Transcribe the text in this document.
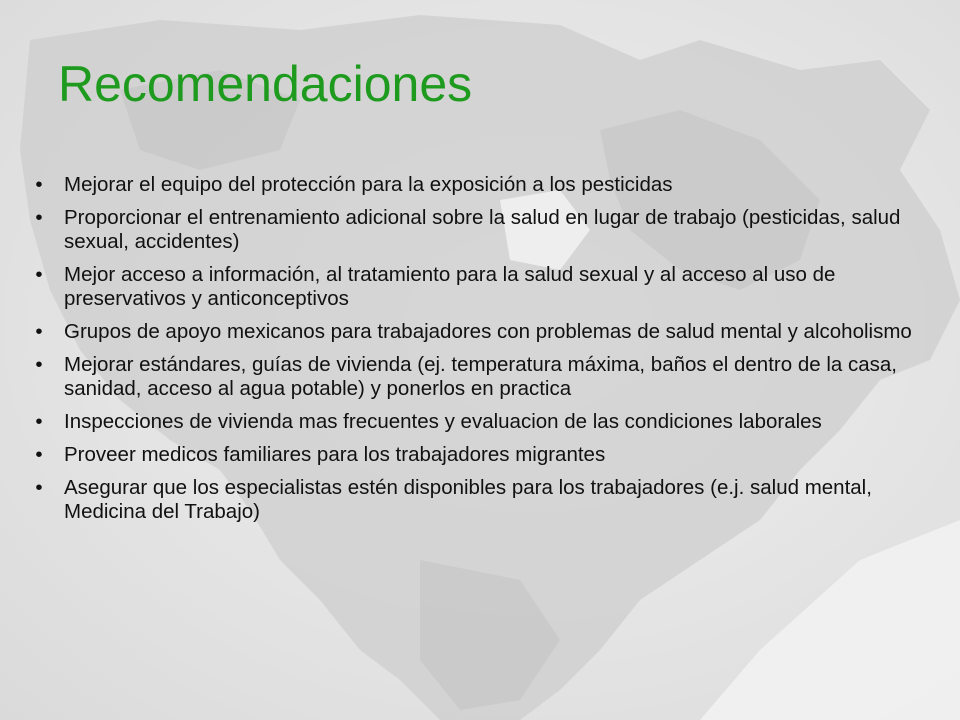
Recomendaciones
• Mejorar el equipo del protección para la exposición a los pesticidas
• Proporcionar el entrenamiento adicional sobre la salud en lugar de trabajo (pesticidas, salud sexual, accidentes)
• Mejor acceso a información, al tratamiento para la salud sexual y al acceso al uso de preservativos y anticonceptivos
• Grupos de apoyo mexicanos para trabajadores con problemas de salud mental y alcoholismo
• Mejorar estándares, guías de vivienda (ej. temperatura máxima, baños el dentro de la casa, sanidad, acceso al agua potable) y ponerlos en practica
• Inspecciones de vivienda mas frecuentes y evaluacion de las condiciones laborales
• Proveer medicos familiares para los trabajadores migrantes
• Asegurar que los especialistas estén disponibles para los trabajadores (e.j. salud mental, Medicina del Trabajo)
